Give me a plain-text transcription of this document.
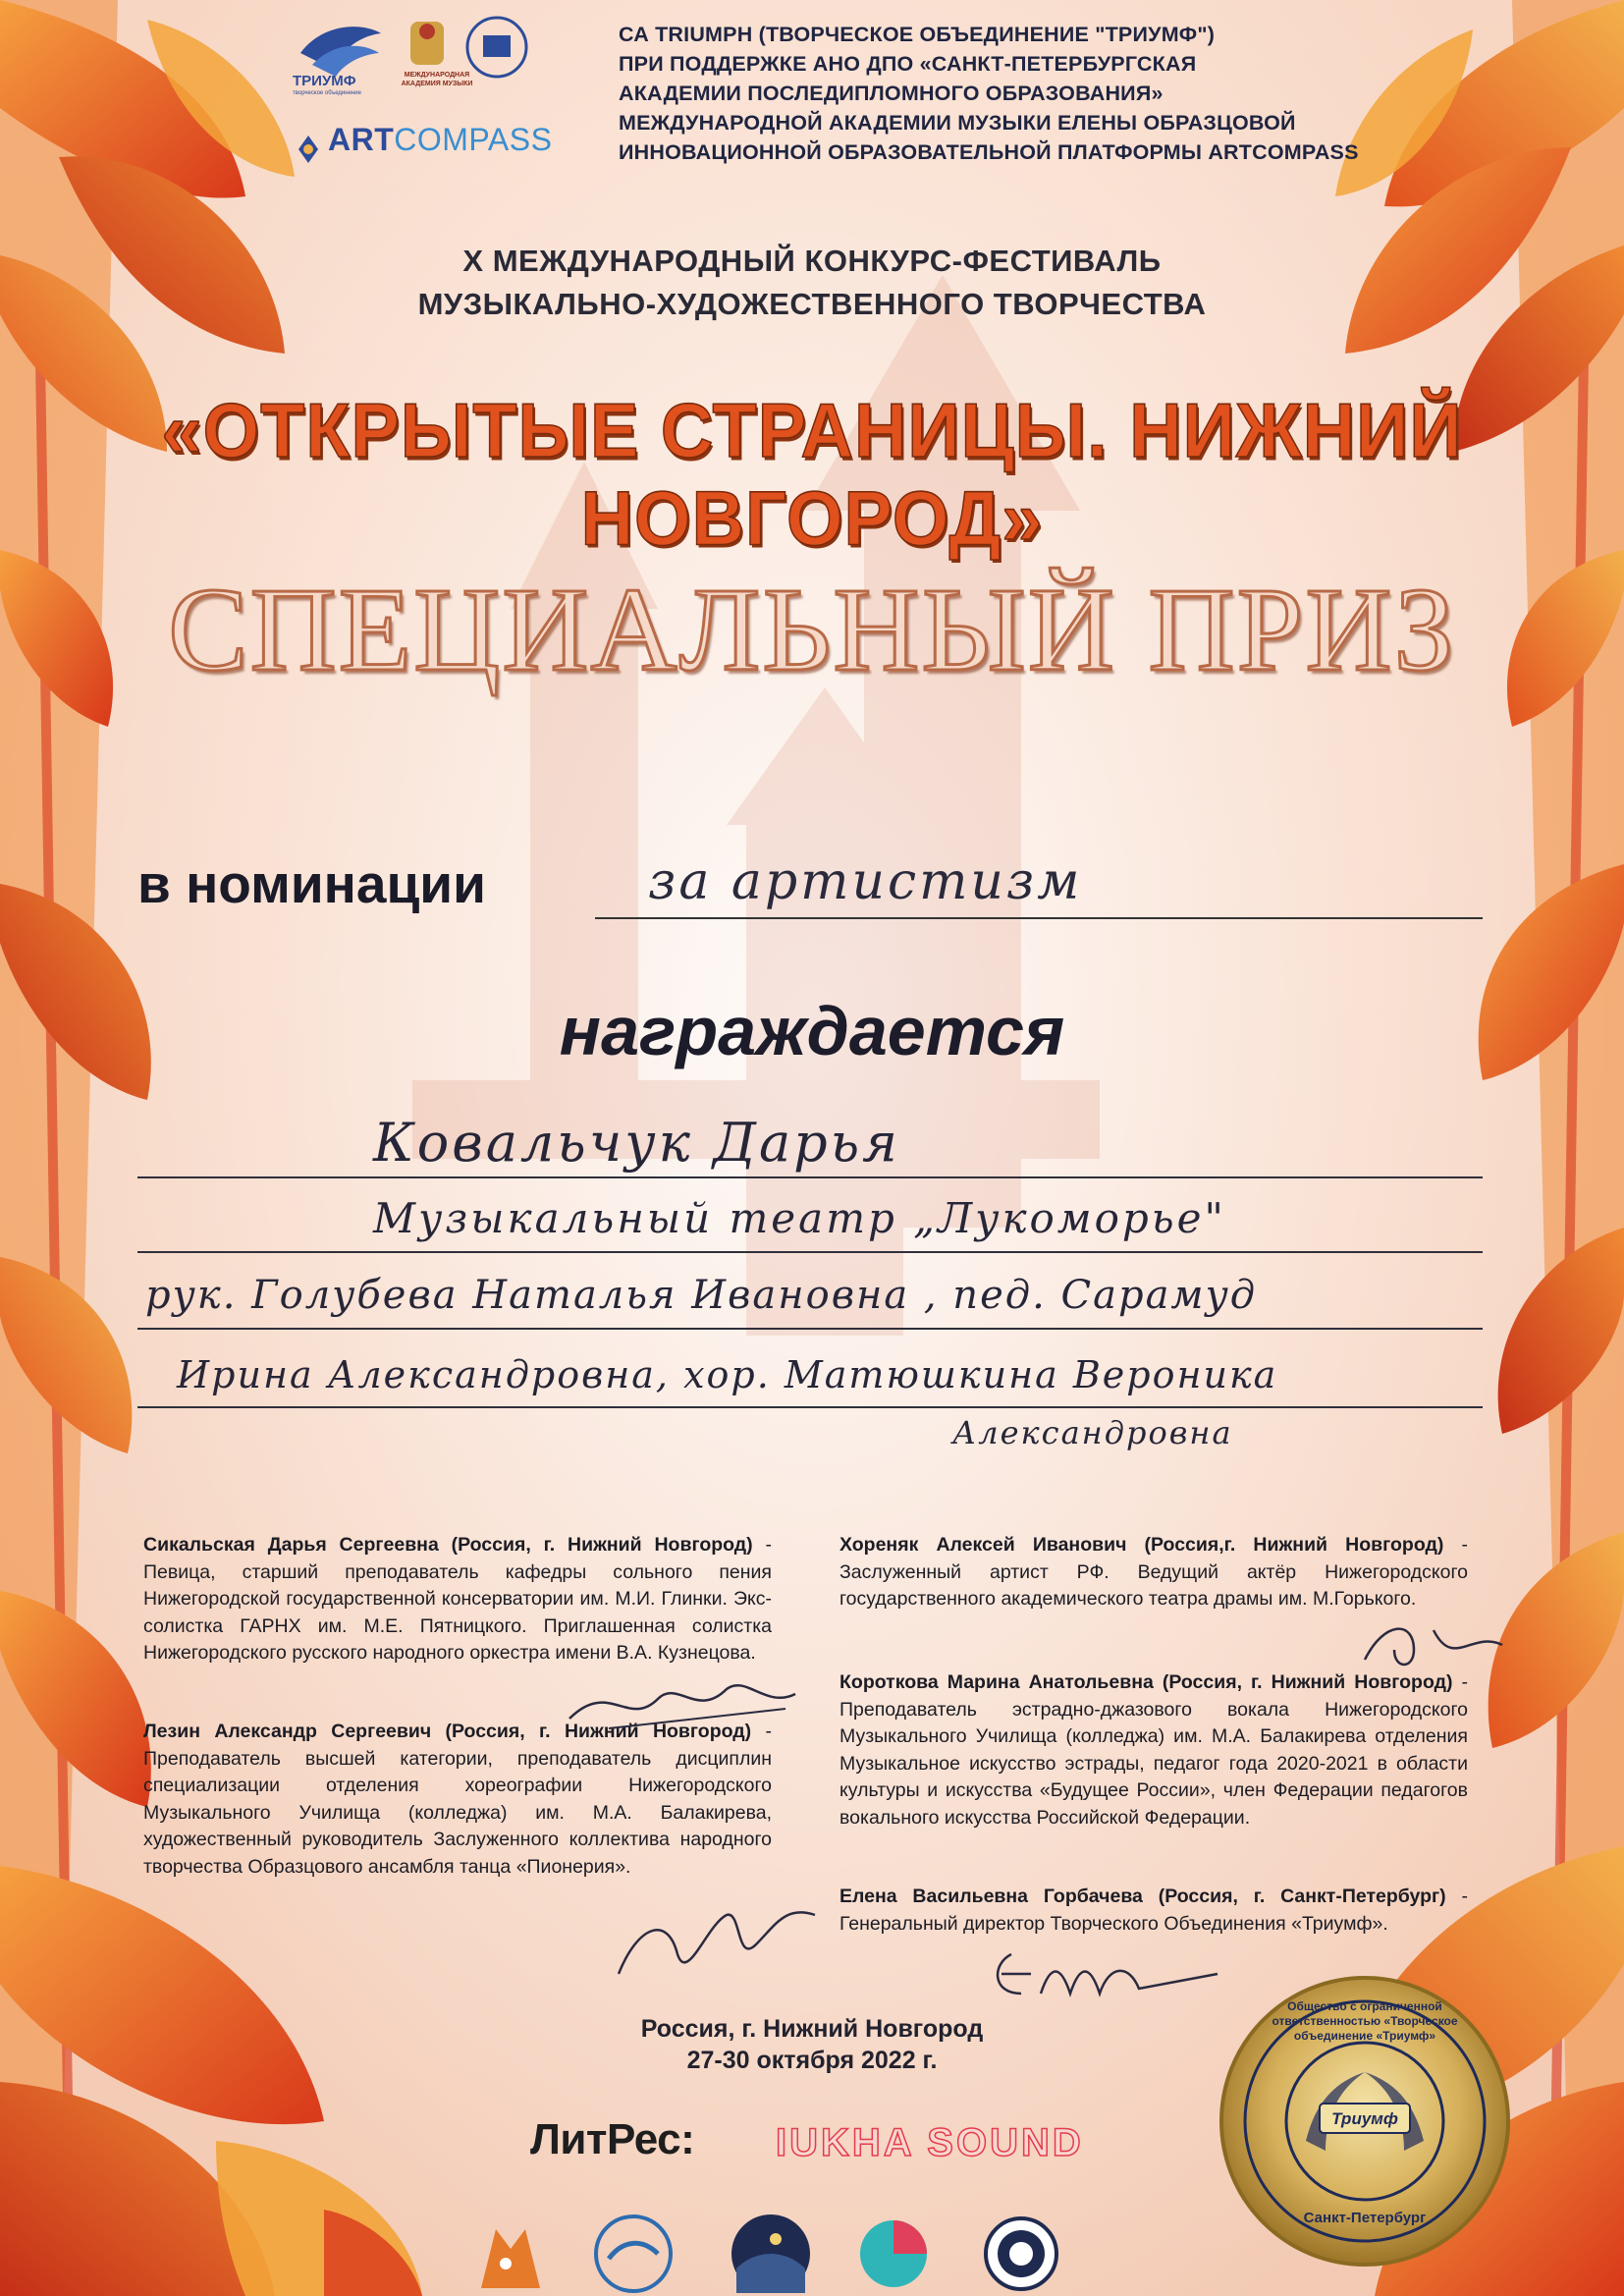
ТРИУМФ
творческое объединение
МЕЖДУНАРОДНАЯ АКАДЕМИЯ МУЗЫКИ
ARTCOMPASS
СА TRIUMPH (ТВОРЧЕСКОЕ ОБЪЕДИНЕНИЕ "ТРИУМФ")
ПРИ ПОДДЕРЖКЕ АНО ДПО «САНКТ-ПЕТЕРБУРГСКАЯ
АКАДЕМИИ ПОСЛЕДИПЛОМНОГО ОБРАЗОВАНИЯ»
МЕЖДУНАРОДНОЙ АКАДЕМИИ МУЗЫКИ ЕЛЕНЫ ОБРАЗЦОВОЙ
ИННОВАЦИОННОЙ ОБРАЗОВАТЕЛЬНОЙ ПЛАТФОРМЫ ARTCOMPASS
X МЕЖДУНАРОДНЫЙ КОНКУРС-ФЕСТИВАЛЬ
МУЗЫКАЛЬНО-ХУДОЖЕСТВЕННОГО ТВОРЧЕСТВА
«ОТКРЫТЫЕ СТРАНИЦЫ. НИЖНИЙ НОВГОРОД»
СПЕЦИАЛЬНЫЙ ПРИЗ
в номинации	за артистизм
награждается
Ковальчук Дарья
Музыкальный театр „Лукоморье"
рук. Голубева Наталья Ивановна , пед. Сарамуд
Ирина Александровна, хор. Матюшкина Вероника
Александровна
Сикальская Дарья Сергеевна (Россия, г. Нижний Новгород) - Певица, старший преподаватель кафедры сольного пения Нижегородской государственной консерватории им. М.И. Глинки. Экс-солистка ГАРНХ им. М.Е. Пятницкого. Приглашенная солистка Нижегородского русского народного оркестра имени В.А. Кузнецова.
Лезин Александр Сергеевич (Россия, г. Нижний Новгород) - Преподаватель высшей категории, преподаватель дисциплин специализации отделения хореографии Нижегородского Музыкального Училища (колледжа) им. М.А. Балакирева, художественный руководитель Заслуженного коллектива народного творчества Образцового ансамбля танца «Пионерия».
Хореняк Алексей Иванович (Россия,г. Нижний Новгород) - Заслуженный артист РФ. Ведущий актёр Нижегородского государственного академического театра драмы им. М.Горького.
Короткова Марина Анатольевна (Россия, г. Нижний Новгород) - Преподаватель эстрадно-джазового вокала Нижегородского Музыкального Училища (колледжа) им. М.А. Балакирева отделения Музыкальное искусство эстрады, педагог года 2020-2021 в области культуры и искусства «Будущее России», член Федерации педагогов вокального искусства Российской Федерации.
Елена Васильевна Горбачева (Россия, г. Санкт-Петербург) - Генеральный директор Творческого Объединения «Триумф».
Россия, г. Нижний Новгород
27-30 октября 2022 г.
ЛитРес: IUKHA SOUND
Триумф
Общество с ограниченной ответственностью «Творческое объединение «Триумф»
Санкт-Петербург
